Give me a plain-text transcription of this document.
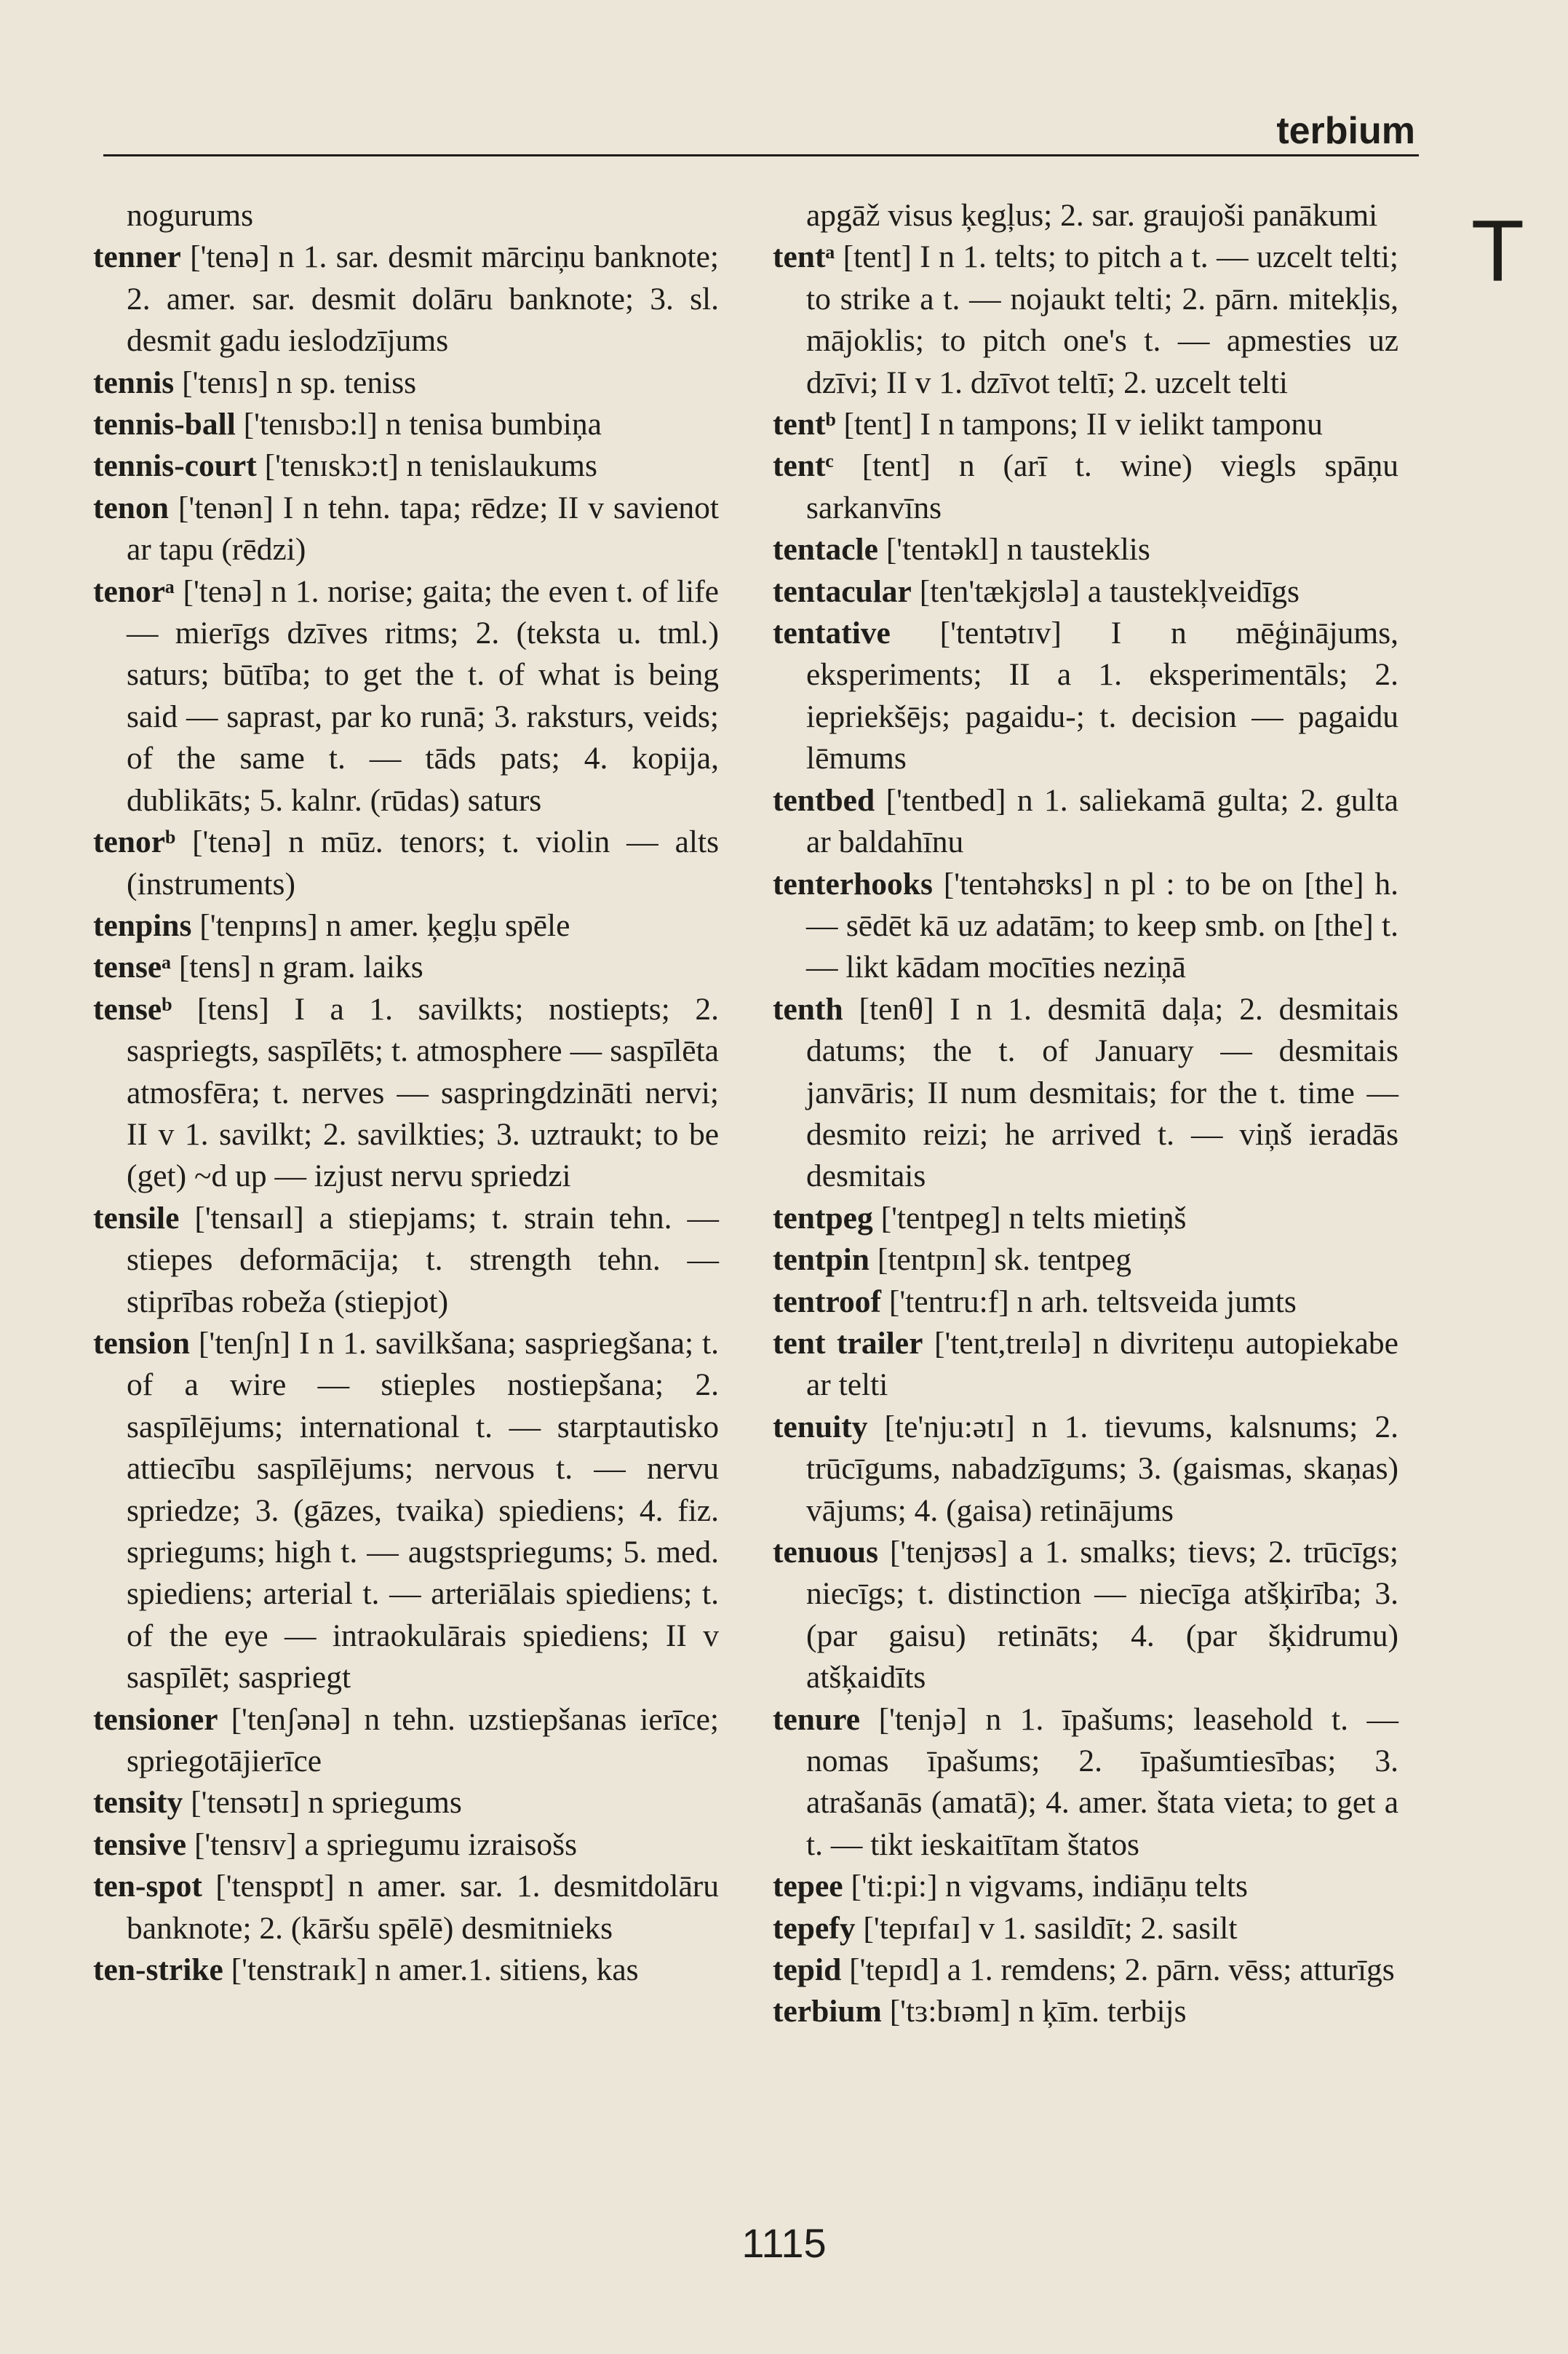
terbium
T

nogurums

tenner ['tenə] n 1. sar. desmit mārciņu banknote; 2. amer. sar. desmit dolāru banknote; 3. sl. desmit gadu ieslodzījums

tennis ['tenɪs] n sp. teniss

tennis-ball ['tenɪsbɔ:l] n tenisa bumbiņa

tennis-court ['tenɪskɔ:t] n tenislaukums

tenon ['tenən] I n tehn. tapa; rēdze; II v savienot ar tapu (rēdzi)

tenorᵃ ['tenə] n 1. norise; gaita; the even t. of life — mierīgs dzīves ritms; 2. (teksta u. tml.) saturs; būtība; to get the t. of what is being said — saprast, par ko runā; 3. raksturs, veids; of the same t. — tāds pats; 4. kopija, dublikāts; 5. kalnr. (rūdas) saturs

tenorᵇ ['tenə] n mūz. tenors; t. violin — alts (instruments)

tenpins ['tenpɪns] n amer. ķegļu spēle

tenseᵃ [tens] n gram. laiks

tenseᵇ [tens] I a 1. savilkts; nostiepts; 2. saspriegts, saspīlēts; t. atmosphere — saspīlēta atmosfēra; t. nerves — saspringdzināti nervi; II v 1. savilkt; 2. savilkties; 3. uztraukt; to be (get) ~d up — izjust nervu spriedzi

tensile ['tensaɪl] a stiepjams; t. strain tehn. — stiepes deformācija; t. strength tehn. — stiprības robeža (stiepjot)

tension ['tenʃn] I n 1. savilkšana; saspriegšana; t. of a wire — stieples nostiepšana; 2. saspīlējums; international t. — starptautisko attiecību saspīlējums; nervous t. — nervu spriedze; 3. (gāzes, tvaika) spiediens; 4. fiz. spriegums; high t. — augstspriegums; 5. med. spiediens; arterial t. — arteriālais spiediens; t. of the eye — intraokulārais spiediens; II v saspīlēt; saspriegt

tensioner ['tenʃənə] n tehn. uzstiepšanas ierīce; spriegotājierīce

tensity ['tensətɪ] n spriegums

tensive ['tensɪv] a spriegumu izraisošs

ten-spot ['tenspɒt] n amer. sar. 1. desmitdolāru banknote; 2. (kāršu spēlē) desmitnieks

ten-strike ['tenstraɪk] n amer.1. sitiens, kas

apgāž visus ķegļus; 2. sar. graujoši panākumi

tentᵃ [tent] I n 1. telts; to pitch a t. — uzcelt telti; to strike a t. — nojaukt telti; 2. pārn. mitekļis, mājoklis; to pitch one's t. — apmesties uz dzīvi; II v 1. dzīvot teltī; 2. uzcelt telti

tentᵇ [tent] I n tampons; II v ielikt tamponu

tentᶜ [tent] n (arī t. wine) viegls spāņu sarkanvīns

tentacle ['tentəkl] n tausteklis

tentacular [ten'tækjʊlə] a taustekļveidīgs

tentative ['tentətɪv] I n mēģinājums, eksperiments; II a 1. eksperimentāls; 2. iepriekšējs; pagaidu-; t. decision — pagaidu lēmums

tentbed ['tentbed] n 1. saliekamā gulta; 2. gulta ar baldahīnu

tenterhooks ['tentəhʊks] n pl : to be on [the] h. — sēdēt kā uz adatām; to keep smb. on [the] t. — likt kādam mocīties neziņā

tenth [tenθ] I n 1. desmitā daļa; 2. desmitais datums; the t. of January — desmitais janvāris; II num desmitais; for the t. time — desmito reizi; he arrived t. — viņš ieradās desmitais

tentpeg ['tentpeg] n telts mietiņš

tentpin [tentpɪn] sk. tentpeg

tentroof ['tentru:f] n arh. teltsveida jumts

tent trailer ['tent,treɪlə] n divriteņu autopiekabe ar telti

tenuity [te'nju:ətɪ] n 1. tievums, kalsnums; 2. trūcīgums, nabadzīgums; 3. (gaismas, skaņas) vājums; 4. (gaisa) retinājums

tenuous ['tenjʊəs] a 1. smalks; tievs; 2. trūcīgs; niecīgs; t. distinction — niecīga atšķirība; 3. (par gaisu) retināts; 4. (par šķidrumu) atšķaidīts

tenure ['tenjə] n 1. īpašums; leasehold t. — nomas īpašums; 2. īpašumtiesības; 3. atrašanās (amatā); 4. amer. štata vieta; to get a t. — tikt ieskaitītam štatos

tepee ['ti:pi:] n vigvams, indiāņu telts

tepefy ['tepɪfaɪ] v 1. sasildīt; 2. sasilt

tepid ['tepɪd] a 1. remdens; 2. pārn. vēss; atturīgs

terbium ['tɜ:bɪəm] n ķīm. terbijs

1115
